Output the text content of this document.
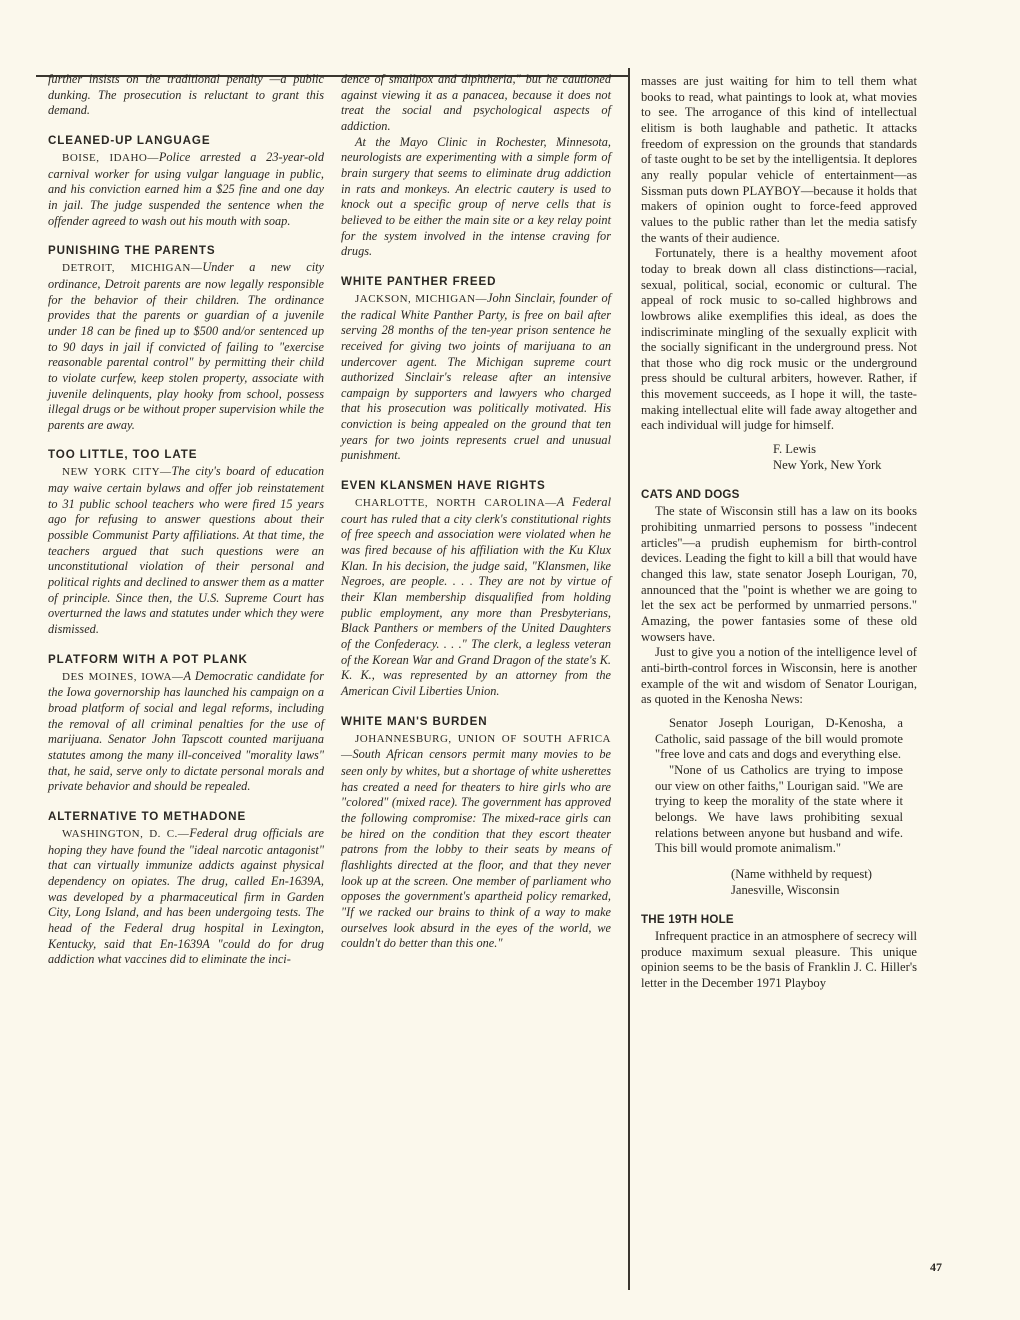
further insists on the traditional penalty —a public dunking. The prosecution is reluctant to grant this demand.

CLEANED-UP LANGUAGE

BOISE, IDAHO—Police arrested a 23-year-old carnival worker for using vulgar language in public, and his conviction earned him a $25 fine and one day in jail. The judge suspended the sentence when the offender agreed to wash out his mouth with soap.

PUNISHING THE PARENTS

DETROIT, MICHIGAN—Under a new city ordinance, Detroit parents are now legally responsible for the behavior of their children. The ordinance provides that the parents or guardian of a juvenile under 18 can be fined up to $500 and/or sentenced up to 90 days in jail if convicted of failing to "exercise reasonable parental control" by permitting their child to violate curfew, keep stolen property, associate with juvenile delinquents, play hooky from school, possess illegal drugs or be without proper supervision while the parents are away.

TOO LITTLE, TOO LATE

NEW YORK CITY—The city's board of education may waive certain bylaws and offer job reinstatement to 31 public school teachers who were fired 15 years ago for refusing to answer questions about their possible Communist Party affiliations. At that time, the teachers argued that such questions were an unconstitutional violation of their personal and political rights and declined to answer them as a matter of principle. Since then, the U.S. Supreme Court has overturned the laws and statutes under which they were dismissed.

PLATFORM WITH A POT PLANK

DES MOINES, IOWA—A Democratic candidate for the Iowa governorship has launched his campaign on a broad platform of social and legal reforms, including the removal of all criminal penalties for the use of marijuana. Senator John Tapscott counted marijuana statutes among the many ill-conceived "morality laws" that, he said, serve only to dictate personal morals and private behavior and should be repealed.

ALTERNATIVE TO METHADONE

WASHINGTON, D. C.—Federal drug officials are hoping they have found the "ideal narcotic antagonist" that can virtually immunize addicts against physical dependency on opiates. The drug, called En-1639A, was developed by a pharmaceutical firm in Garden City, Long Island, and has been undergoing tests. The head of the Federal drug hospital in Lexington, Kentucky, said that En-1639A "could do for drug addiction what vaccines did to eliminate the inci-

dence of smallpox and diphtheria," but he cautioned against viewing it as a panacea, because it does not treat the social and psychological aspects of addiction.

At the Mayo Clinic in Rochester, Minnesota, neurologists are experimenting with a simple form of brain surgery that seems to eliminate drug addiction in rats and monkeys. An electric cautery is used to knock out a specific group of nerve cells that is believed to be either the main site or a key relay point for the system involved in the intense craving for drugs.

WHITE PANTHER FREED

JACKSON, MICHIGAN—John Sinclair, founder of the radical White Panther Party, is free on bail after serving 28 months of the ten-year prison sentence he received for giving two joints of marijuana to an undercover agent. The Michigan supreme court authorized Sinclair's release after an intensive campaign by supporters and lawyers who charged that his prosecution was politically motivated. His conviction is being appealed on the ground that ten years for two joints represents cruel and unusual punishment.

EVEN KLANSMEN HAVE RIGHTS

CHARLOTTE, NORTH CAROLINA—A Federal court has ruled that a city clerk's constitutional rights of free speech and association were violated when he was fired because of his affiliation with the Ku Klux Klan. In his decision, the judge said, "Klansmen, like Negroes, are people. . . . They are not by virtue of their Klan membership disqualified from holding public employment, any more than Presbyterians, Black Panthers or members of the United Daughters of the Confederacy. . . ." The clerk, a legless veteran of the Korean War and Grand Dragon of the state's K. K. K., was represented by an attorney from the American Civil Liberties Union.

WHITE MAN'S BURDEN

JOHANNESBURG, UNION OF SOUTH AFRICA—South African censors permit many movies to be seen only by whites, but a shortage of white usherettes has created a need for theaters to hire girls who are "colored" (mixed race). The government has approved the following compromise: The mixed-race girls can be hired on the condition that they escort theater patrons from the lobby to their seats by means of flashlights directed at the floor, and that they never look up at the screen. One member of parliament who opposes the government's apartheid policy remarked, "If we racked our brains to think of a way to make ourselves look absurd in the eyes of the world, we couldn't do better than this one."

masses are just waiting for him to tell them what books to read, what paintings to look at, what movies to see. The arrogance of this kind of intellectual elitism is both laughable and pathetic. It attacks freedom of expression on the grounds that standards of taste ought to be set by the intelligentsia. It deplores any really popular vehicle of entertainment—as Sissman puts down PLAYBOY—because it holds that makers of opinion ought to force-feed approved values to the public rather than let the media satisfy the wants of their audience.

Fortunately, there is a healthy movement afoot today to break down all class distinctions—racial, sexual, political, social, economic or cultural. The appeal of rock music to so-called highbrows and lowbrows alike exemplifies this ideal, as does the indiscriminate mingling of the sexually explicit with the socially significant in the underground press. Not that those who dig rock music or the underground press should be cultural arbiters, however. Rather, if this movement succeeds, as I hope it will, the taste-making intellectual elite will fade away altogether and each individual will judge for himself.

F. Lewis
New York, New York
CATS AND DOGS

The state of Wisconsin still has a law on its books prohibiting unmarried persons to possess "indecent articles"—a prudish euphemism for birth-control devices. Leading the fight to kill a bill that would have changed this law, state senator Joseph Lourigan, 70, announced that the "point is whether we are going to let the sex act be performed by unmarried persons." Amazing, the power fantasies some of these old wowsers have.

Just to give you a notion of the intelligence level of anti-birth-control forces in Wisconsin, here is another example of the wit and wisdom of Senator Lourigan, as quoted in the Kenosha News:

Senator Joseph Lourigan, D-Kenosha, a Catholic, said passage of the bill would promote "free love and cats and dogs and everything else.

"None of us Catholics are trying to impose our view on other faiths," Lourigan said. "We are trying to keep the morality of the state where it belongs. We have laws prohibiting sexual relations between anyone but husband and wife. This bill would promote animalism."

(Name withheld by request)
Janesville, Wisconsin
THE 19TH HOLE

Infrequent practice in an atmosphere of secrecy will produce maximum sexual pleasure. This unique opinion seems to be the basis of Franklin J. C. Hiller's letter in the December 1971 Playboy

47
